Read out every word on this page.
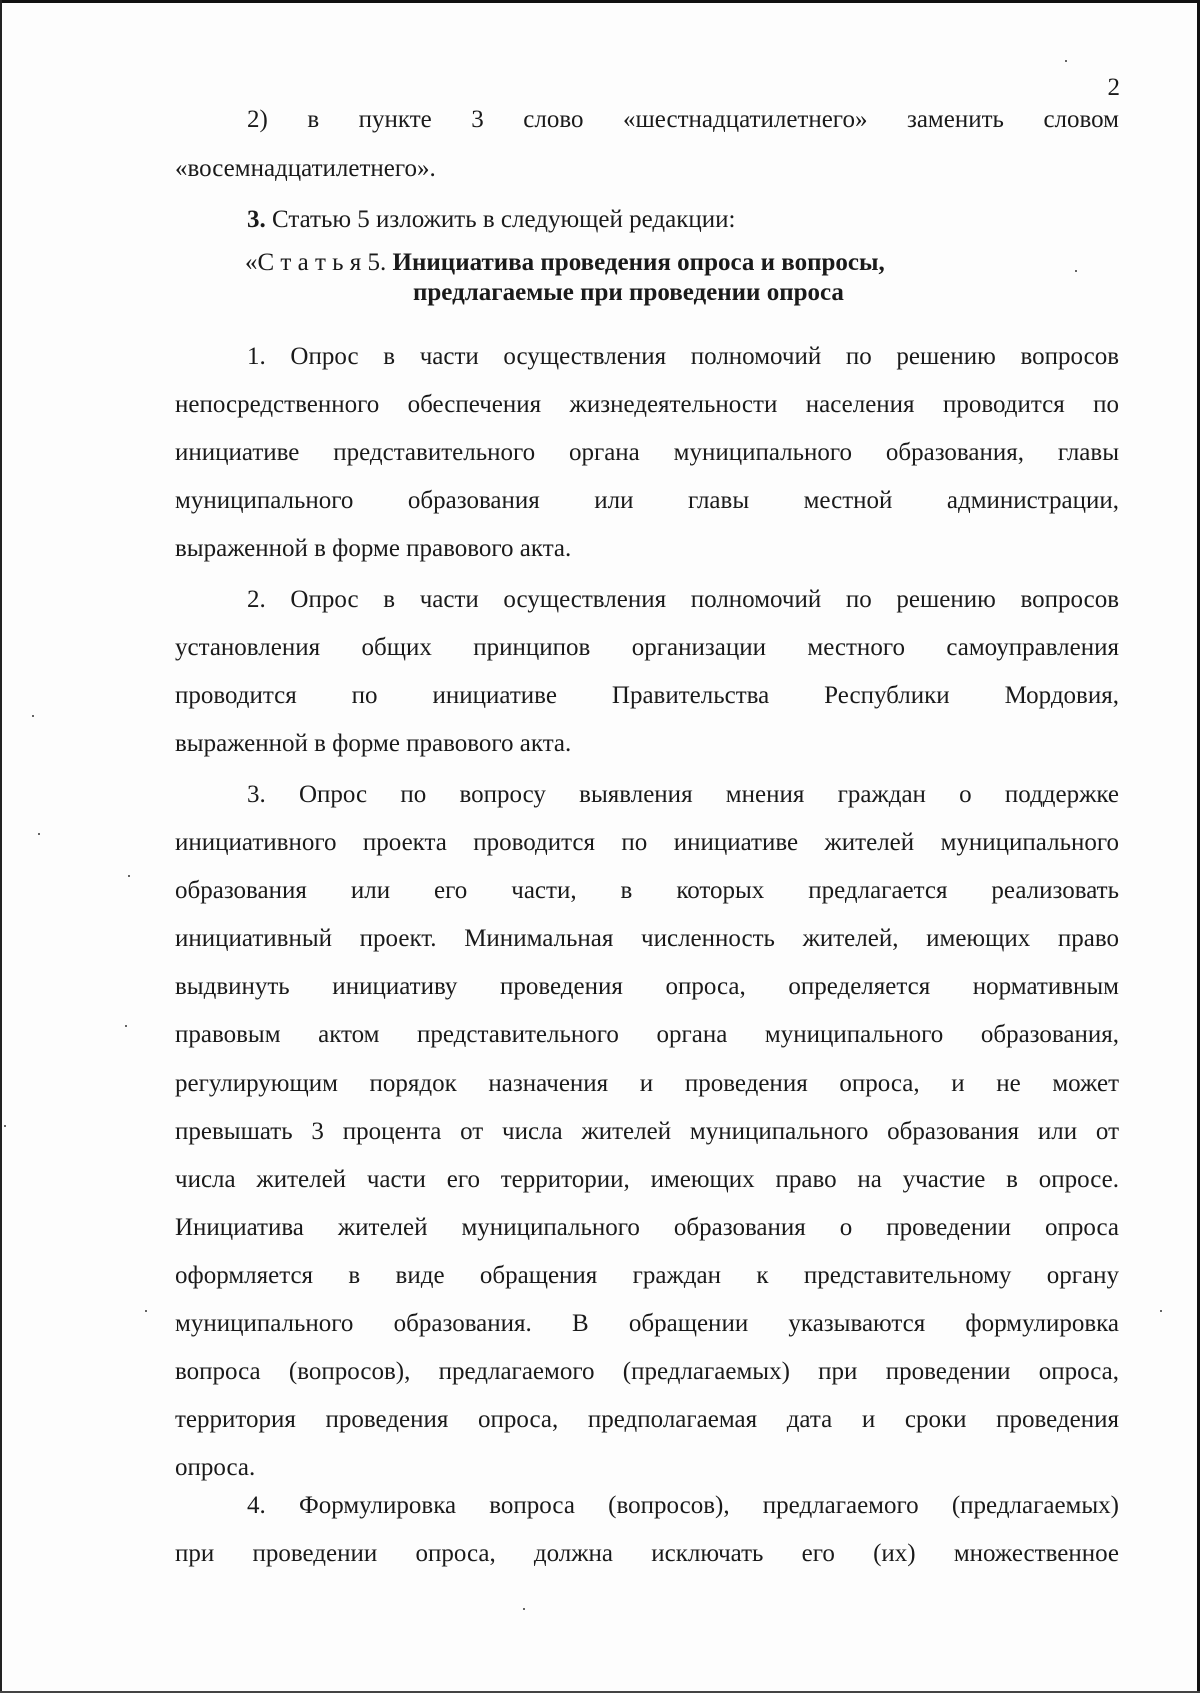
2
2) в пункте 3 слово «шестнадцатилетнего» заменить словом
«восемнадцатилетнего».
3. Статью 5 изложить в следующей редакции:
«С т а т ь я 5. Инициатива проведения опроса и вопросы,
предлагаемые при проведении опроса
1. Опрос в части осуществления полномочий по решению вопросов
непосредственного обеспечения жизнедеятельности населения проводится по
инициативе представительного органа муниципального образования, главы
муниципального образования или главы местной администрации,
выраженной в форме правового акта.
2. Опрос в части осуществления полномочий по решению вопросов
установления общих принципов организации местного самоуправления
проводится по инициативе Правительства Республики Мордовия,
выраженной в форме правового акта.
3. Опрос по вопросу выявления мнения граждан о поддержке
инициативного проекта проводится по инициативе жителей муниципального
образования или его части, в которых предлагается реализовать
инициативный проект. Минимальная численность жителей, имеющих право
выдвинуть инициативу проведения опроса, определяется нормативным
правовым актом представительного органа муниципального образования,
регулирующим порядок назначения и проведения опроса, и не может
превышать 3 процента от числа жителей муниципального образования или от
числа жителей части его территории, имеющих право на участие в опросе.
Инициатива жителей муниципального образования о проведении опроса
оформляется в виде обращения граждан к представительному органу
муниципального образования. В обращении указываются формулировка
вопроса (вопросов), предлагаемого (предлагаемых) при проведении опроса,
территория проведения опроса, предполагаемая дата и сроки проведения
опроса.
4. Формулировка вопроса (вопросов), предлагаемого (предлагаемых)
при проведении опроса, должна исключать его (их) множественное
